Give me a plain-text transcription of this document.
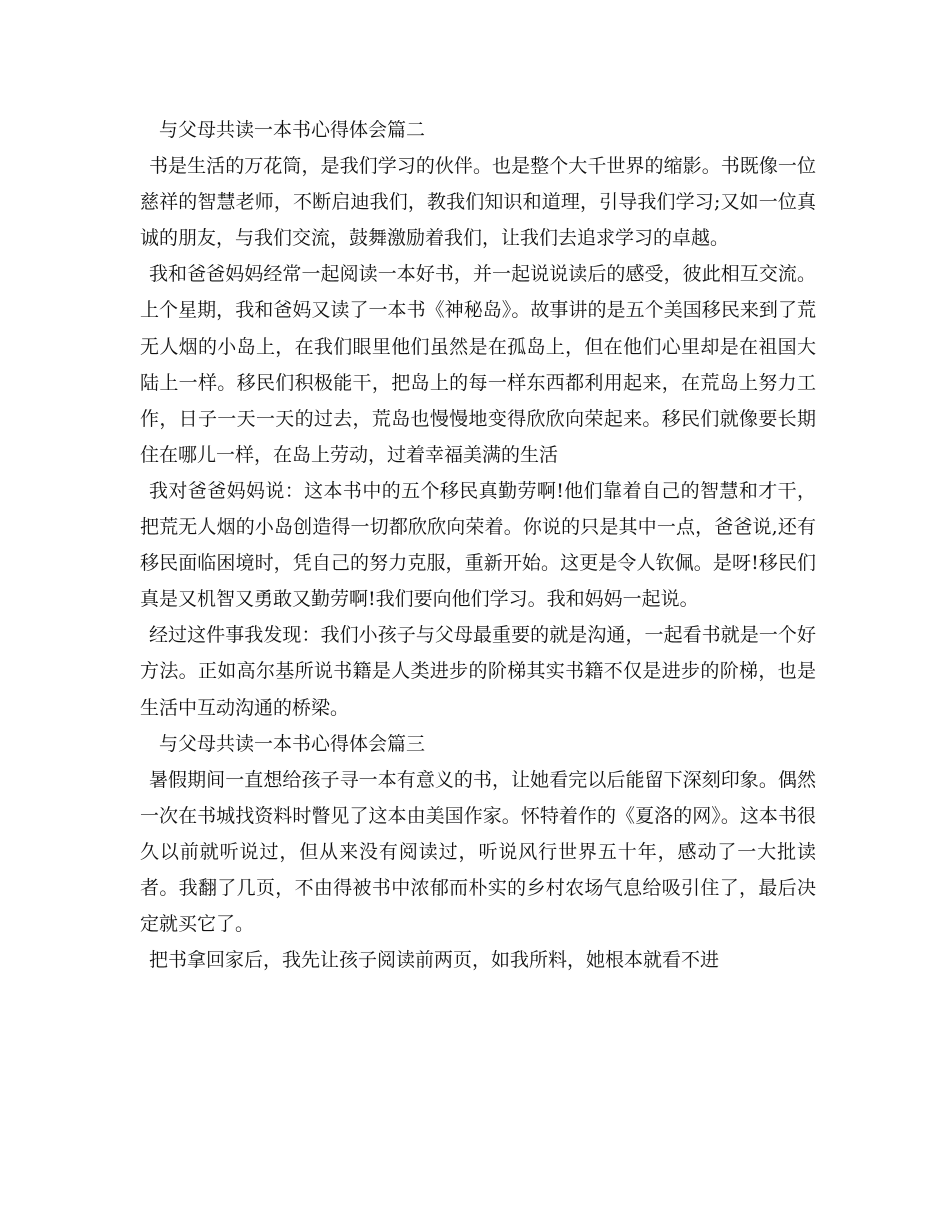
与父母共读一本书心得体会篇二

书是生活的万花筒，是我们学习的伙伴。也是整个大千世界的缩影。书既像一位慈祥的智慧老师，不断启迪我们，教我们知识和道理，引导我们学习;又如一位真诚的朋友，与我们交流，鼓舞激励着我们，让我们去追求学习的卓越。

我和爸爸妈妈经常一起阅读一本好书，并一起说说读后的感受，彼此相互交流。上个星期，我和爸妈又读了一本书《神秘岛》。故事讲的是五个美国移民来到了荒无人烟的小岛上，在我们眼里他们虽然是在孤岛上，但在他们心里却是在祖国大陆上一样。移民们积极能干，把岛上的每一样东西都利用起来，在荒岛上努力工作，日子一天一天的过去，荒岛也慢慢地变得欣欣向荣起来。移民们就像要长期住在哪儿一样，在岛上劳动，过着幸福美满的生活

我对爸爸妈妈说：这本书中的五个移民真勤劳啊!他们靠着自己的智慧和才干，把荒无人烟的小岛创造得一切都欣欣向荣着。你说的只是其中一点，爸爸说,还有移民面临困境时，凭自己的努力克服，重新开始。这更是令人钦佩。是呀!移民们真是又机智又勇敢又勤劳啊!我们要向他们学习。我和妈妈一起说。

经过这件事我发现：我们小孩子与父母最重要的就是沟通，一起看书就是一个好方法。正如高尔基所说书籍是人类进步的阶梯其实书籍不仅是进步的阶梯，也是生活中互动沟通的桥梁。

与父母共读一本书心得体会篇三

暑假期间一直想给孩子寻一本有意义的书，让她看完以后能留下深刻印象。偶然一次在书城找资料时瞥见了这本由美国作家。怀特着作的《夏洛的网》。这本书很久以前就听说过，但从来没有阅读过，听说风行世界五十年，感动了一大批读者。我翻了几页，不由得被书中浓郁而朴实的乡村农场气息给吸引住了，最后决定就买它了。

把书拿回家后，我先让孩子阅读前两页，如我所料，她根本就看不进
